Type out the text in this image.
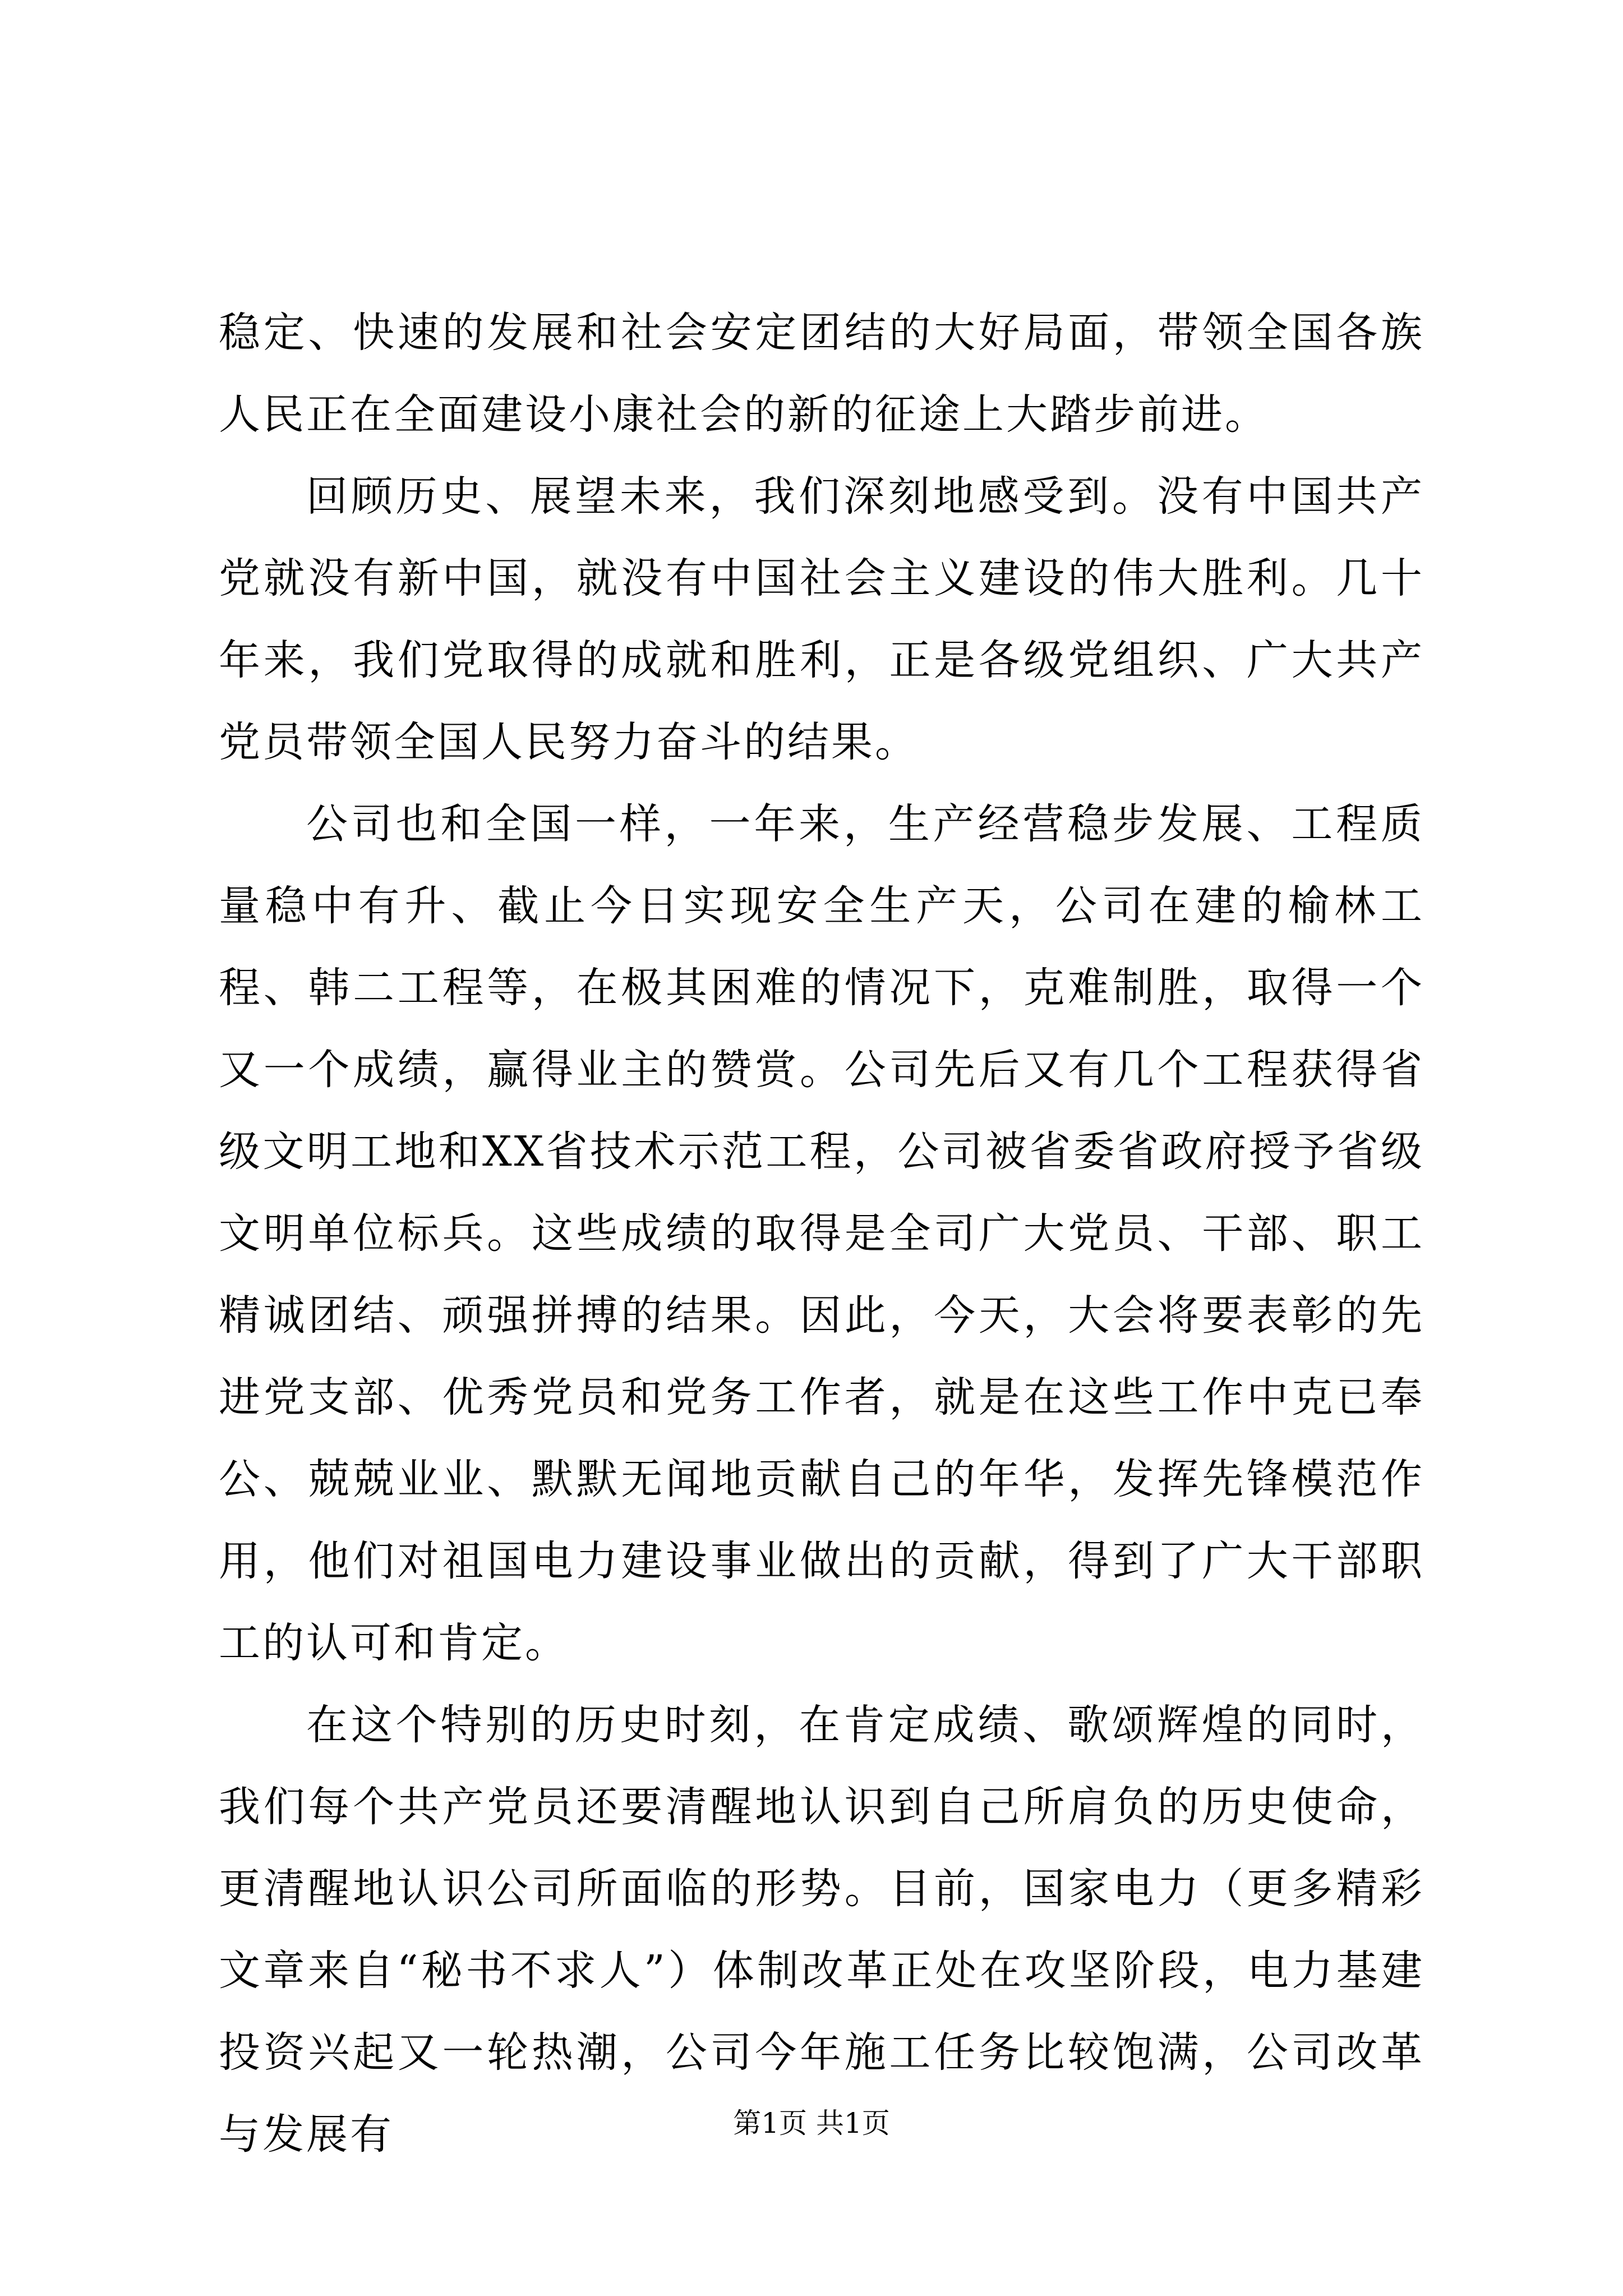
稳定、快速的发展和社会安定团结的大好局面，带领全国各族人民正在全面建设小康社会的新的征途上大踏步前进。

回顾历史、展望未来，我们深刻地感受到。没有中国共产党就没有新中国，就没有中国社会主义建设的伟大胜利。几十年来，我们党取得的成就和胜利，正是各级党组织、广大共产党员带领全国人民努力奋斗的结果。

公司也和全国一样，一年来，生产经营稳步发展、工程质量稳中有升、截止今日实现安全生产天，公司在建的榆林工程、韩二工程等，在极其困难的情况下，克难制胜，取得一个又一个成绩，赢得业主的赞赏。公司先后又有几个工程获得省级文明工地和XX省技术示范工程，公司被省委省政府授予省级文明单位标兵。这些成绩的取得是全司广大党员、干部、职工精诚团结、顽强拼搏的结果。因此，今天，大会将要表彰的先进党支部、优秀党员和党务工作者，就是在这些工作中克已奉公、兢兢业业、默默无闻地贡献自己的年华，发挥先锋模范作用，他们对祖国电力建设事业做出的贡献，得到了广大干部职工的认可和肯定。

在这个特别的历史时刻，在肯定成绩、歌颂辉煌的同时，我们每个共产党员还要清醒地认识到自己所肩负的历史使命，更清醒地认识公司所面临的形势。目前，国家电力（更多精彩文章来自“秘书不求人”）体制改革正处在攻坚阶段，电力基建投资兴起又一轮热潮，公司今年施工任务比较饱满，公司改革与发展有	第1页 共1页
